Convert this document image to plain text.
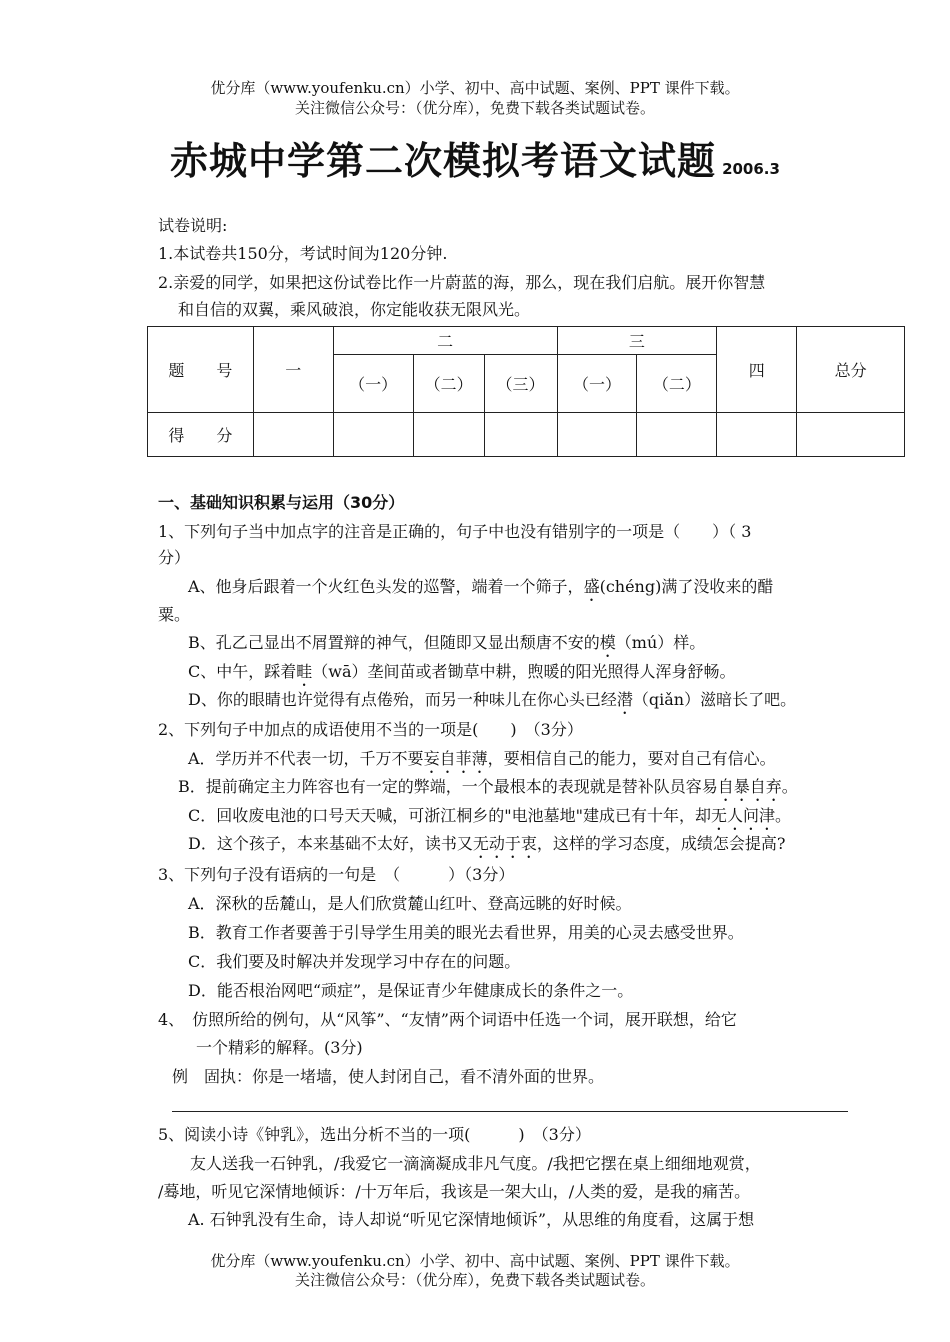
优分库（www.youfenku.cn）小学、初中、高中试题、案例、PPT 课件下载。
关注微信公众号：（优分库），免费下载各类试题试卷。
赤城中学第二次模拟考语文试题 2006.3
试卷说明:
1.本试卷共150分，考试时间为120分钟.
2.亲爱的同学，如果把这份试卷比作一片蔚蓝的海，那么，现在我们启航。展开你智慧
和自信的双翼，乘风破浪，你定能收获无限风光。
题　　号	一	二			三		四	总分
		（一）	（二）	（三）	（一）	（二）		
得　　分								
一、基础知识积累与运用（30分）
1、下列句子当中加点字的注音是正确的，句子中也没有错别字的一项是（　　）（ 3
分）
A、他身后跟着一个火红色头发的巡警，端着一个筛子，盛(chéng)满了没收来的醋
粟。
B、孔乙己显出不屑置辩的神气，但随即又显出颓唐不安的模（mú）样。
C、中午，踩着畦（wā）垄间苗或者锄草中耕，煦暖的阳光照得人浑身舒畅。
D、你的眼睛也许觉得有点倦殆，而另一种味儿在你心头已经潜（qiǎn）滋暗长了吧。
2、下列句子中加点的成语使用不当的一项是(　　)　（3分）
A．学历并不代表一切，千万不要妄自菲薄，要相信自己的能力，要对自己有信心。
B．提前确定主力阵容也有一定的弊端，一个最根本的表现就是替补队员容易自暴自弃。
C．回收废电池的口号天天喊，可浙江桐乡的"电池墓地"建成已有十年，却无人问津。
D．这个孩子，本来基础不太好，读书又无动于衷，这样的学习态度，成绩怎会提高?
3、下列句子没有语病的一句是　（　　　）（3分）
A．深秋的岳麓山，是人们欣赏麓山红叶、登高远眺的好时候。
B．教育工作者要善于引导学生用美的眼光去看世界，用美的心灵去感受世界。
C．我们要及时解决并发现学习中存在的问题。
D．能否根治网吧“顽症”，是保证青少年健康成长的条件之一。
4、　仿照所给的例句，从“风筝”、“友情”两个词语中任选一个词，展开联想，给它
一个精彩的解释。(3分)
例　固执：你是一堵墙，使人封闭自己，看不清外面的世界。
5、阅读小诗《钟乳》，选出分析不当的一项(　　　)　（3分）
　　友人送我一石钟乳，/我爱它一滴滴凝成非凡气度。/我把它摆在桌上细细地观赏，
/蓦地，听见它深情地倾诉：/十万年后，我该是一架大山，/人类的爱，是我的痛苦。
A. 石钟乳没有生命，诗人却说“听见它深情地倾诉”，从思维的角度看，这属于想
优分库（www.youfenku.cn）小学、初中、高中试题、案例、PPT 课件下载。
关注微信公众号：（优分库），免费下载各类试题试卷。
